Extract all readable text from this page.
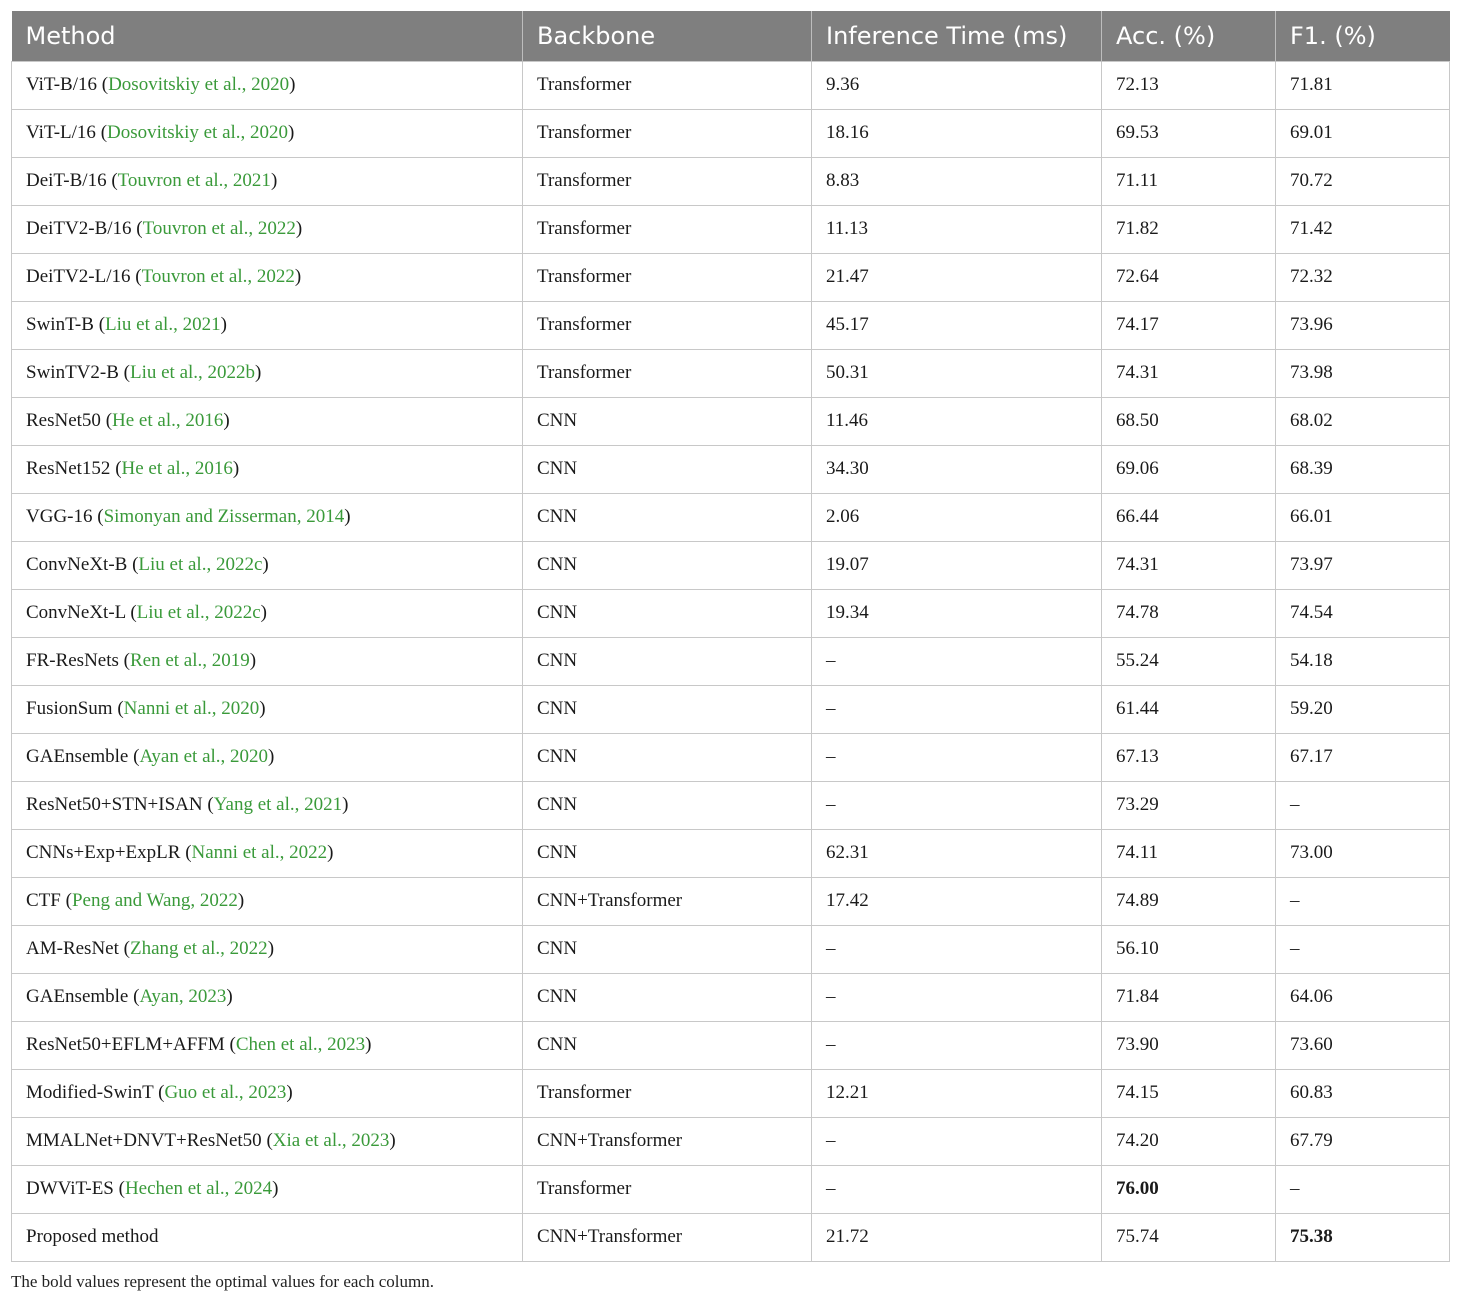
Method	Backbone	Inference Time (ms)	Acc. (%)	F1. (%)
ViT-B/16 (Dosovitskiy et al., 2020)	Transformer	9.36	72.13	71.81
ViT-L/16 (Dosovitskiy et al., 2020)	Transformer	18.16	69.53	69.01
DeiT-B/16 (Touvron et al., 2021)	Transformer	8.83	71.11	70.72
DeiTV2-B/16 (Touvron et al., 2022)	Transformer	11.13	71.82	71.42
DeiTV2-L/16 (Touvron et al., 2022)	Transformer	21.47	72.64	72.32
SwinT-B (Liu et al., 2021)	Transformer	45.17	74.17	73.96
SwinTV2-B (Liu et al., 2022b)	Transformer	50.31	74.31	73.98
ResNet50 (He et al., 2016)	CNN	11.46	68.50	68.02
ResNet152 (He et al., 2016)	CNN	34.30	69.06	68.39
VGG-16 (Simonyan and Zisserman, 2014)	CNN	2.06	66.44	66.01
ConvNeXt-B (Liu et al., 2022c)	CNN	19.07	74.31	73.97
ConvNeXt-L (Liu et al., 2022c)	CNN	19.34	74.78	74.54
FR-ResNets (Ren et al., 2019)	CNN	–	55.24	54.18
FusionSum (Nanni et al., 2020)	CNN	–	61.44	59.20
GAEnsemble (Ayan et al., 2020)	CNN	–	67.13	67.17
ResNet50+STN+ISAN (Yang et al., 2021)	CNN	–	73.29	–
CNNs+Exp+ExpLR (Nanni et al., 2022)	CNN	62.31	74.11	73.00
CTF (Peng and Wang, 2022)	CNN+Transformer	17.42	74.89	–
AM-ResNet (Zhang et al., 2022)	CNN	–	56.10	–
GAEnsemble (Ayan, 2023)	CNN	–	71.84	64.06
ResNet50+EFLM+AFFM (Chen et al., 2023)	CNN	–	73.90	73.60
Modified-SwinT (Guo et al., 2023)	Transformer	12.21	74.15	60.83
MMALNet+DNVT+ResNet50 (Xia et al., 2023)	CNN+Transformer	–	74.20	67.79
DWViT-ES (Hechen et al., 2024)	Transformer	–	76.00	–
Proposed method	CNN+Transformer	21.72	75.74	75.38
The bold values represent the optimal values for each column.
